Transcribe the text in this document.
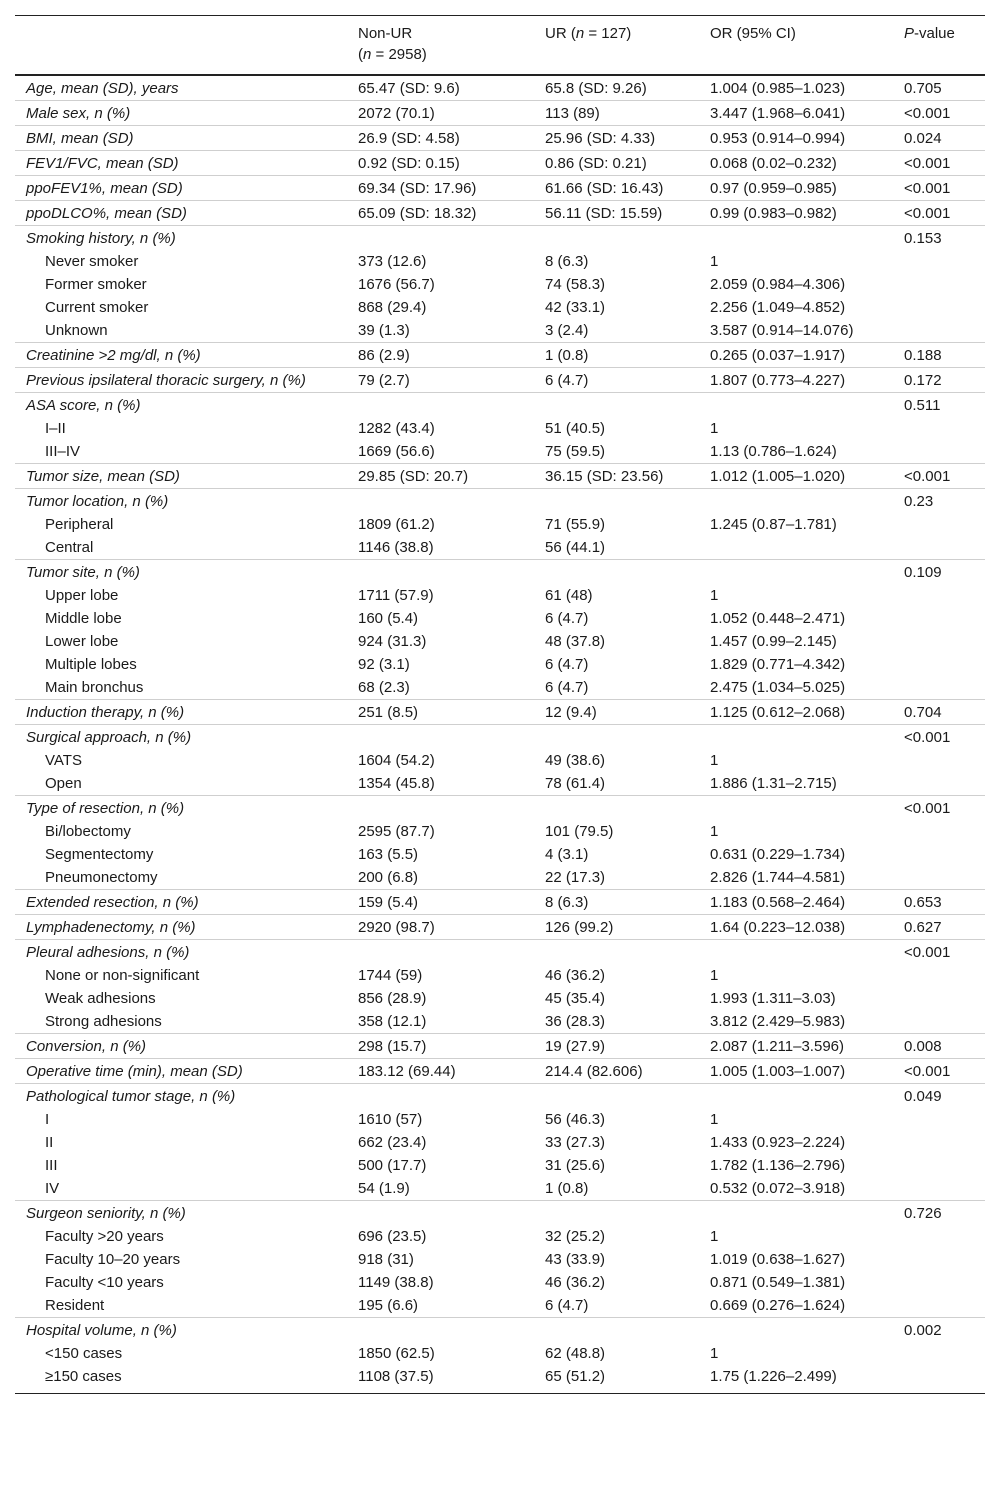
	Non-UR
(n = 2958)	UR (n = 127)	OR (95% CI)	P-value
Age, mean (SD), years	65.47 (SD: 9.6)	65.8 (SD: 9.26)	1.004 (0.985–1.023)	0.705
Male sex, n (%)	2072 (70.1)	113 (89)	3.447 (1.968–6.041)	<0.001
BMI, mean (SD)	26.9 (SD: 4.58)	25.96 (SD: 4.33)	0.953 (0.914–0.994)	0.024
FEV1/FVC, mean (SD)	0.92 (SD: 0.15)	0.86 (SD: 0.21)	0.068 (0.02–0.232)	<0.001
ppoFEV1%, mean (SD)	69.34 (SD: 17.96)	61.66 (SD: 16.43)	0.97 (0.959–0.985)	<0.001
ppoDLCO%, mean (SD)	65.09 (SD: 18.32)	56.11 (SD: 15.59)	0.99 (0.983–0.982)	<0.001
Smoking history, n (%)				0.153
Never smoker	373 (12.6)	8 (6.3)	1	
Former smoker	1676 (56.7)	74 (58.3)	2.059 (0.984–4.306)	
Current smoker	868 (29.4)	42 (33.1)	2.256 (1.049–4.852)	
Unknown	39 (1.3)	3 (2.4)	3.587 (0.914–14.076)	
Creatinine >2 mg/dl, n (%)	86 (2.9)	1 (0.8)	0.265 (0.037–1.917)	0.188
Previous ipsilateral thoracic surgery, n (%)	79 (2.7)	6 (4.7)	1.807 (0.773–4.227)	0.172
ASA score, n (%)				0.511
I–II	1282 (43.4)	51 (40.5)	1	
III–IV	1669 (56.6)	75 (59.5)	1.13 (0.786–1.624)	
Tumor size, mean (SD)	29.85 (SD: 20.7)	36.15 (SD: 23.56)	1.012 (1.005–1.020)	<0.001
Tumor location, n (%)				0.23
Peripheral	1809 (61.2)	71 (55.9)	1.245 (0.87–1.781)	
Central	1146 (38.8)	56 (44.1)		
Tumor site, n (%)				0.109
Upper lobe	1711 (57.9)	61 (48)	1	
Middle lobe	160 (5.4)	6 (4.7)	1.052 (0.448–2.471)	
Lower lobe	924 (31.3)	48 (37.8)	1.457 (0.99–2.145)	
Multiple lobes	92 (3.1)	6 (4.7)	1.829 (0.771–4.342)	
Main bronchus	68 (2.3)	6 (4.7)	2.475 (1.034–5.025)	
Induction therapy, n (%)	251 (8.5)	12 (9.4)	1.125 (0.612–2.068)	0.704
Surgical approach, n (%)				<0.001
VATS	1604 (54.2)	49 (38.6)	1	
Open	1354 (45.8)	78 (61.4)	1.886 (1.31–2.715)	
Type of resection, n (%)				<0.001
Bi/lobectomy	2595 (87.7)	101 (79.5)	1	
Segmentectomy	163 (5.5)	4 (3.1)	0.631 (0.229–1.734)	
Pneumonectomy	200 (6.8)	22 (17.3)	2.826 (1.744–4.581)	
Extended resection, n (%)	159 (5.4)	8 (6.3)	1.183 (0.568–2.464)	0.653
Lymphadenectomy, n (%)	2920 (98.7)	126 (99.2)	1.64 (0.223–12.038)	0.627
Pleural adhesions, n (%)				<0.001
None or non-significant	1744 (59)	46 (36.2)	1	
Weak adhesions	856 (28.9)	45 (35.4)	1.993 (1.311–3.03)	
Strong adhesions	358 (12.1)	36 (28.3)	3.812 (2.429–5.983)	
Conversion, n (%)	298 (15.7)	19 (27.9)	2.087 (1.211–3.596)	0.008
Operative time (min), mean (SD)	183.12 (69.44)	214.4 (82.606)	1.005 (1.003–1.007)	<0.001
Pathological tumor stage, n (%)				0.049
I	1610 (57)	56 (46.3)	1	
II	662 (23.4)	33 (27.3)	1.433 (0.923–2.224)	
III	500 (17.7)	31 (25.6)	1.782 (1.136–2.796)	
IV	54 (1.9)	1 (0.8)	0.532 (0.072–3.918)	
Surgeon seniority, n (%)				0.726
Faculty >20 years	696 (23.5)	32 (25.2)	1	
Faculty 10–20 years	918 (31)	43 (33.9)	1.019 (0.638–1.627)	
Faculty <10 years	1149 (38.8)	46 (36.2)	0.871 (0.549–1.381)	
Resident	195 (6.6)	6 (4.7)	0.669 (0.276–1.624)	
Hospital volume, n (%)				0.002
<150 cases	1850 (62.5)	62 (48.8)	1	
≥150 cases	1108 (37.5)	65 (51.2)	1.75 (1.226–2.499)	
